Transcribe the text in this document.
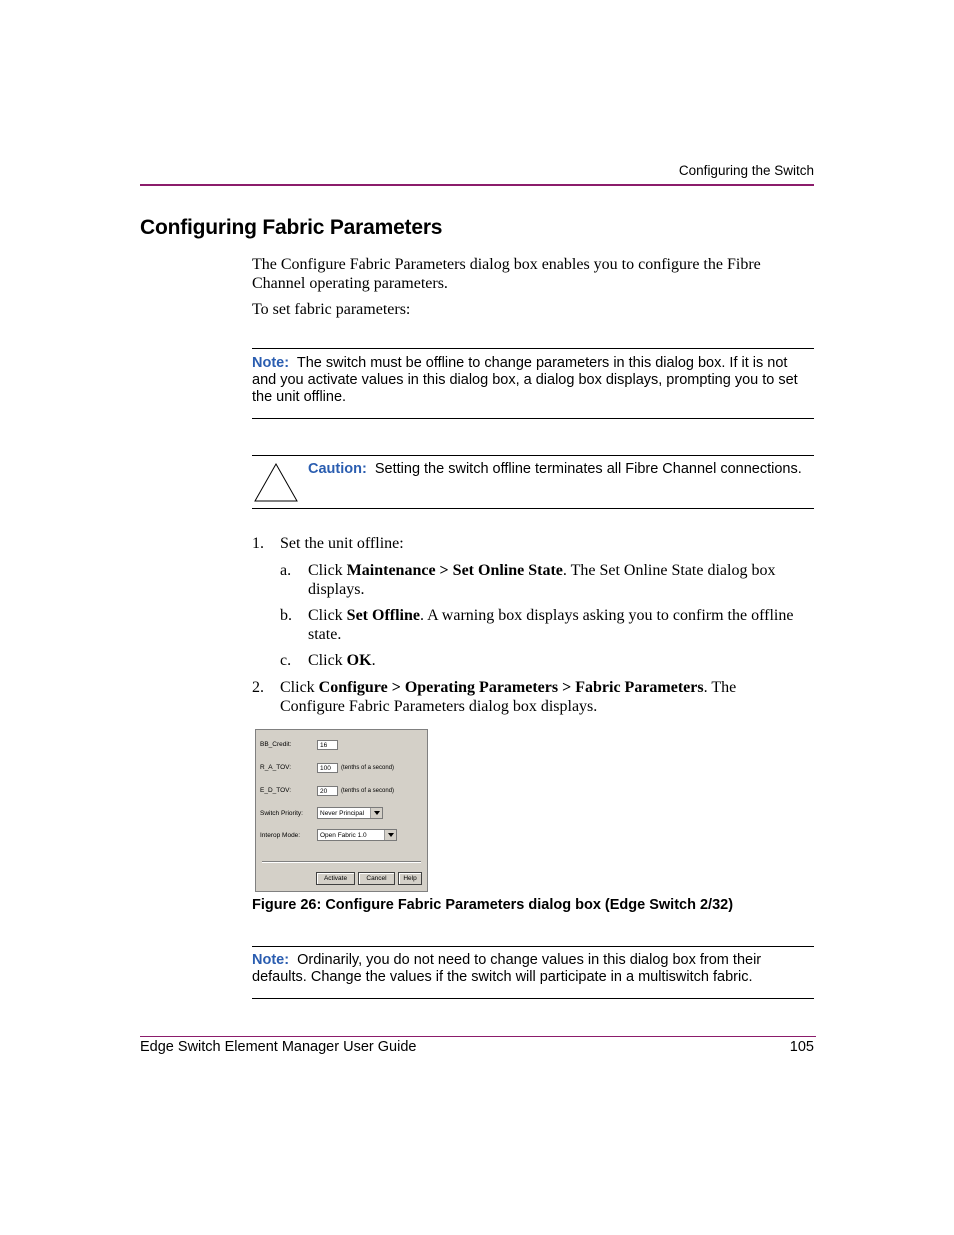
Configuring the Switch
Configuring Fabric Parameters
The Configure Fabric Parameters dialog box enables you to configure the Fibre Channel operating parameters.
To set fabric parameters:
Note: The switch must be offline to change parameters in this dialog box. If it is not and you activate values in this dialog box, a dialog box displays, prompting you to set the unit offline.
Caution: Setting the switch offline terminates all Fibre Channel connections.
1. Set the unit offline:
a. Click Maintenance > Set Online State. The Set Online State dialog box displays.
b. Click Set Offline. A warning box displays asking you to confirm the offline state.
c. Click OK.
2. Click Configure > Operating Parameters > Fabric Parameters. The Configure Fabric Parameters dialog box displays.
BB_Credit:	16
R_A_TOV:	100	(tenths of a second)
E_D_TOV:	20	(tenths of a second)
Switch Priority:	Never Principal
Interop Mode:	Open Fabric 1.0
Activate	Cancel	Help
Figure 26: Configure Fabric Parameters dialog box (Edge Switch 2/32)
Note: Ordinarily, you do not need to change values in this dialog box from their defaults. Change the values if the switch will participate in a multiswitch fabric.
Edge Switch Element Manager User Guide	105
